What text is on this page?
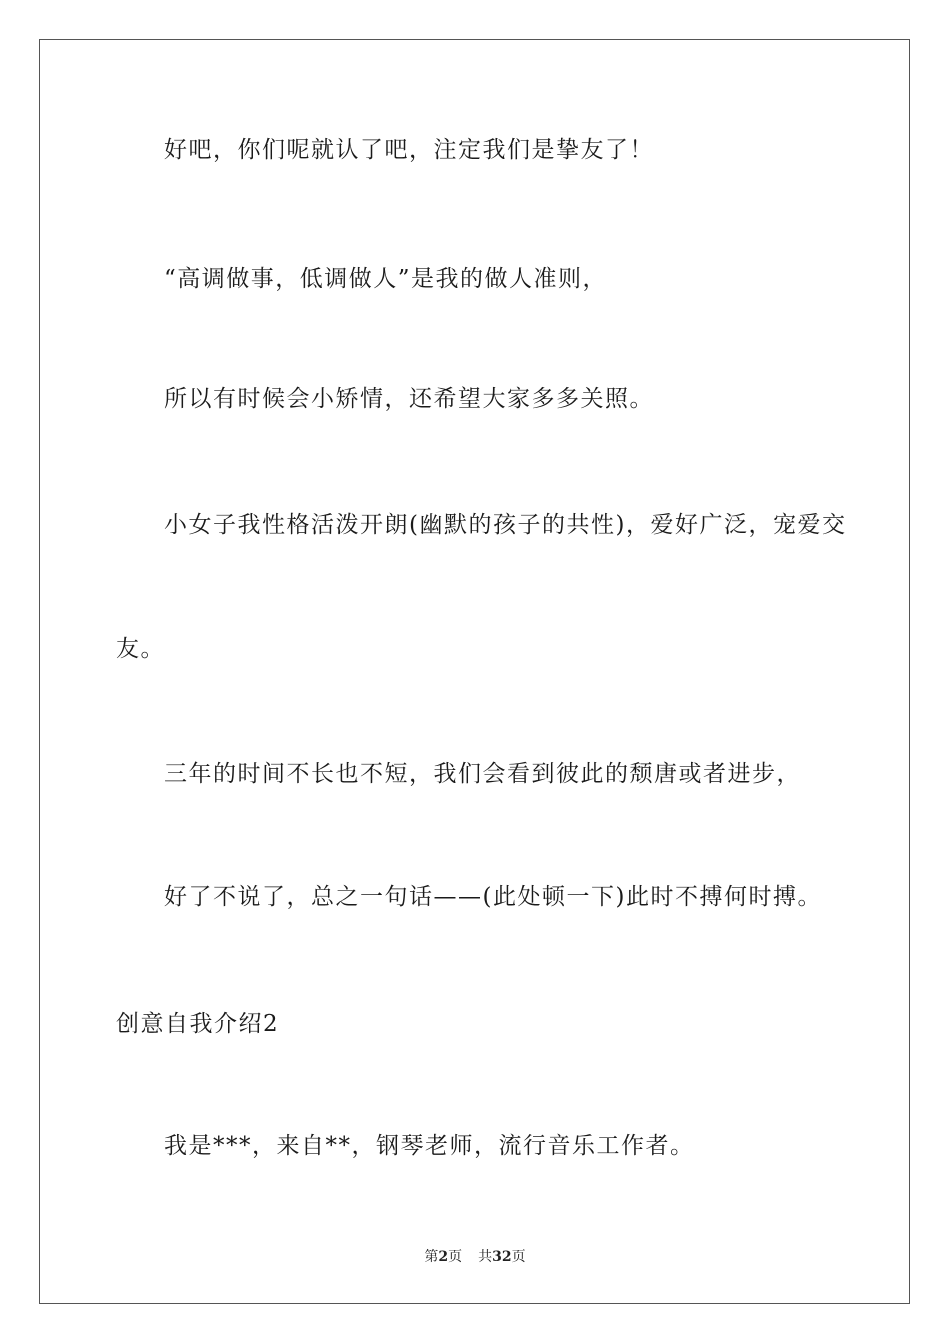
好吧，你们呢就认了吧，注定我们是挚友了！
“高调做事，低调做人”是我的做人准则，
所以有时候会小矫情，还希望大家多多关照。
小女子我性格活泼开朗(幽默的孩子的共性)，爱好广泛，宠爱交
友。
三年的时间不长也不短，我们会看到彼此的颓唐或者进步，
好了不说了，总之一句话——(此处顿一下)此时不搏何时搏。
创意自我介绍2
我是***，来自**，钢琴老师，流行音乐工作者。
第2页 共32页
